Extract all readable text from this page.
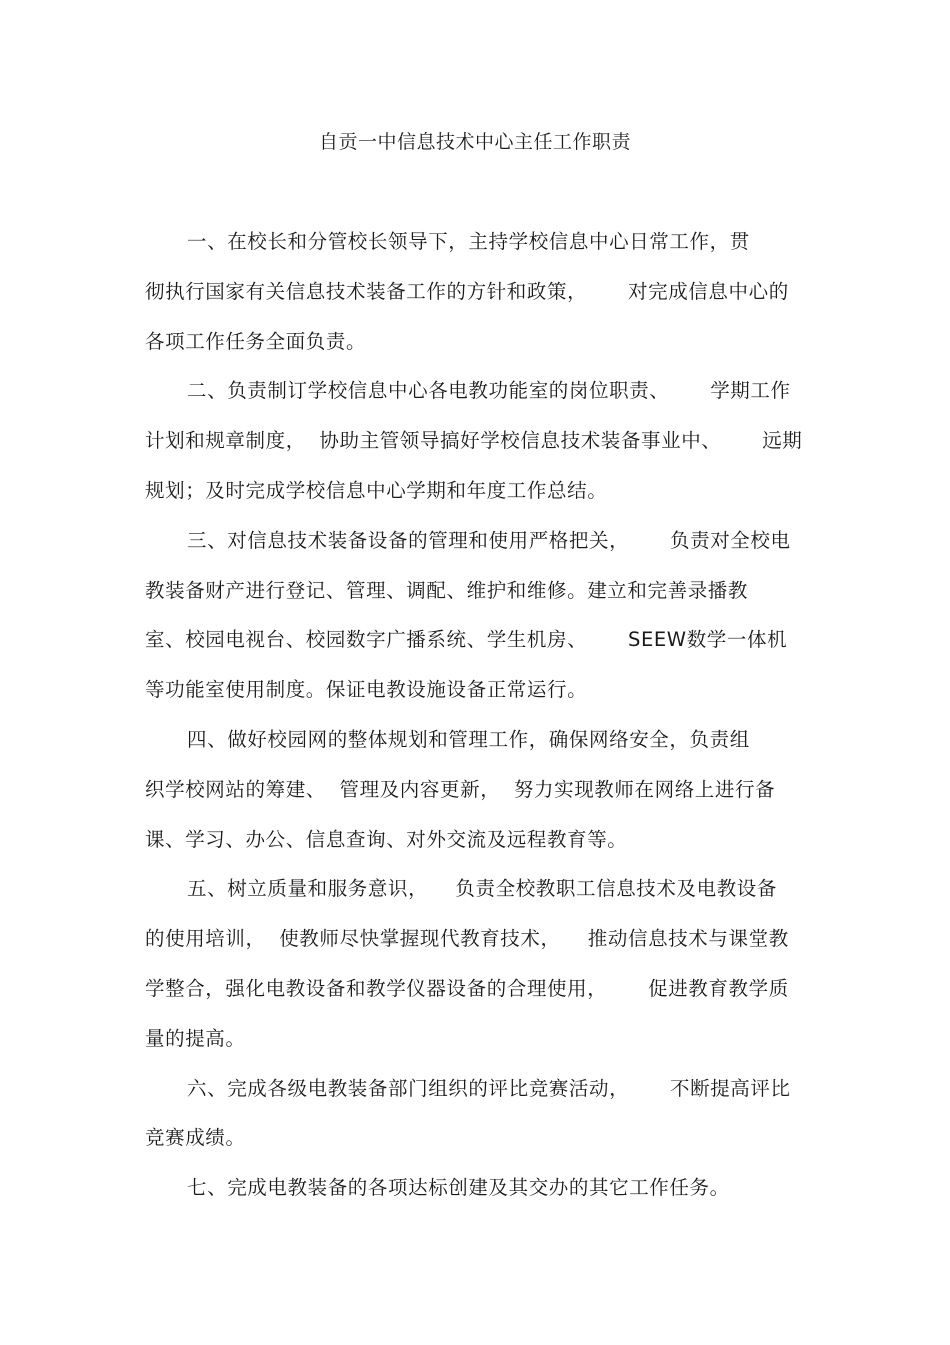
自贡一中信息技术中心主任工作职责
一、在校长和分管校长领导下，主持学校信息中心日常工作，贯
彻执行国家有关信息技术装备工作的方针和政策，      对完成信息中心的
各项工作任务全面负责。
二、负责制订学校信息中心各电教功能室的岗位职责、      学期工作
计划和规章制度，  协助主管领导搞好学校信息技术装备事业中、      远期
规划；及时完成学校信息中心学期和年度工作总结。
三、对信息技术装备设备的管理和使用严格把关，      负责对全校电
教装备财产进行登记、管理、调配、维护和维修。建立和完善录播教
室、校园电视台、校园数字广播系统、学生机房、      SEEW数学一体机
等功能室使用制度。保证电教设施设备正常运行。
四、做好校园网的整体规划和管理工作，确保网络安全，负责组
织学校网站的筹建、  管理及内容更新，  努力实现教师在网络上进行备
课、学习、办公、信息查询、对外交流及远程教育等。
五、树立质量和服务意识，    负责全校教职工信息技术及电教设备
的使用培训，  使教师尽快掌握现代教育技术，    推动信息技术与课堂教
学整合，强化电教设备和教学仪器设备的合理使用，      促进教育教学质
量的提高。
六、完成各级电教装备部门组织的评比竞赛活动，      不断提高评比
竞赛成绩。
七、完成电教装备的各项达标创建及其交办的其它工作任务。
